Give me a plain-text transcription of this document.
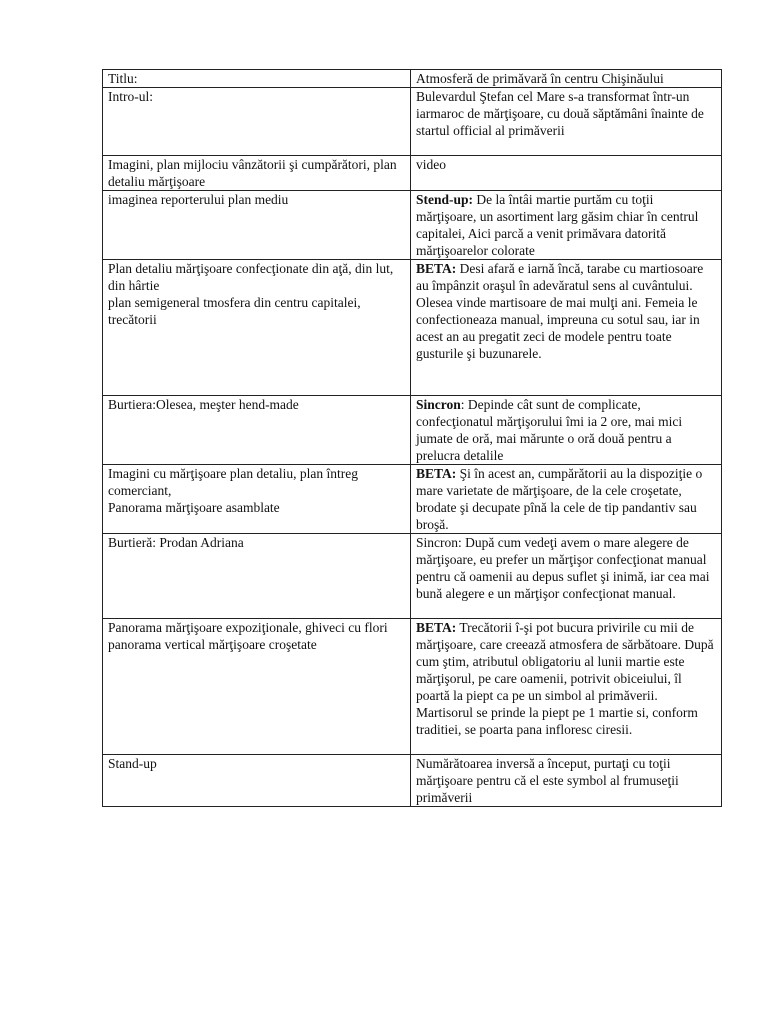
Titlu:	Atmosferă de primăvară în centru Chişinăului

Intro-ul:	Bulevardul Ştefan cel Mare s-a transformat într-un iarmaroc de mărţişoare, cu două săptămâni înainte de startul official al primăverii

Imagini, plan mijlociu vânzătorii şi cumpărători, plan detaliu mărţişoare	video

imaginea reporterului plan mediu	Stend-up: De la întâi martie purtăm cu toţii mărţişoare, un asortiment larg găsim chiar în centrul capitalei, Aici parcă a venit primăvara datorită mărţişoarelor colorate

Plan detaliu mărţişoare confecţionate din aţă, din lut, din hârtie
plan semigeneral tmosfera din centru capitalei, trecătorii	BETA: Desi afară e iarnă încă, tarabe cu martiosoare au împânzit oraşul în adevăratul sens al cuvântului. Olesea vinde martisoare de mai mulţi ani. Femeia le confectioneaza manual, impreuna cu sotul sau, iar in acest an au pregatit zeci de modele pentru toate gusturile şi buzunarele.

Burtiera:Olesea, meşter hend-made	Sincron: Depinde cât sunt de complicate, confecţionatul mărţişorului îmi ia 2 ore, mai mici jumate de oră, mai mărunte o oră două pentru a prelucra detalile

Imagini cu mărţişoare plan detaliu, plan întreg comerciant,
Panorama mărţişoare asamblate	BETA: Şi în acest an, cumpărătorii au la dispoziţie o mare varietate de mărţişoare, de la cele croşetate, brodate şi decupate pînă la cele de tip pandantiv sau broşă.

Burtieră: Prodan Adriana	Sincron: După cum vedeţi avem o mare alegere de mărţişoare, eu prefer un mărţişor confecţionat manual pentru că oamenii au depus suflet şi inimă, iar cea mai bună alegere e un mărţişor confecţionat manual.

Panorama mărţişoare expoziţionale, ghiveci cu flori
panorama vertical mărţişoare croşetate	BETA: Trecătorii î-şi pot bucura privirile cu mii de mărţişoare, care creează atmosfera de sărbătoare. După cum ştim, atributul obligatoriu al lunii martie este mărţişorul, pe care oamenii, potrivit obiceiului, îl poartă la piept ca pe un simbol al primăverii. Martisorul se prinde la piept pe 1 martie si, conform traditiei, se poarta pana infloresc ciresii.

Stand-up	Numărătoarea inversă a început, purtaţi cu toţii mărţişoare pentru că el este symbol al frumuseţii primăverii
